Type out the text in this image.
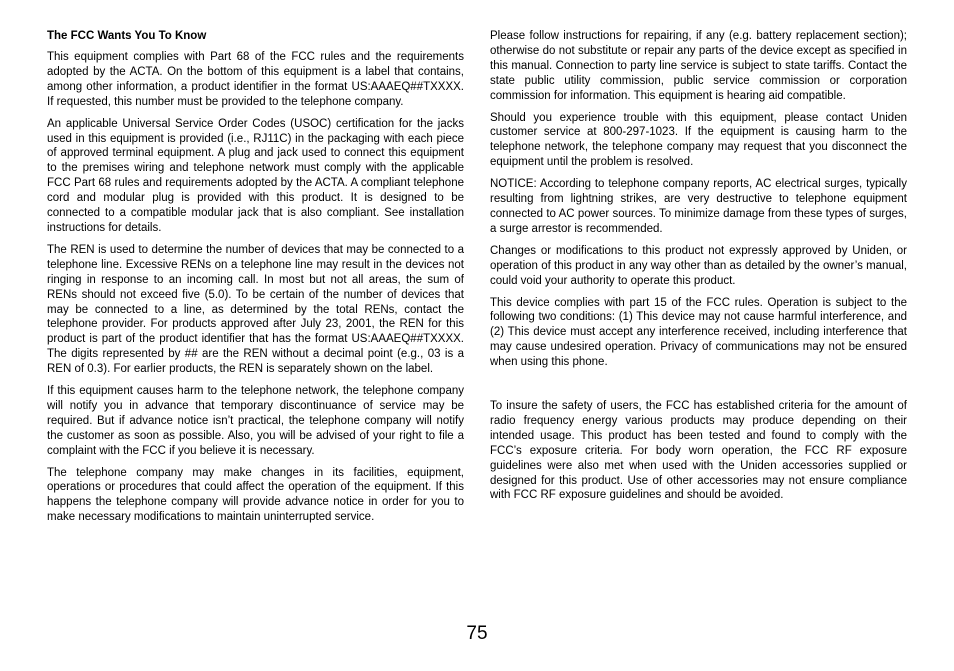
The FCC Wants You To Know

This equipment complies with Part 68 of the FCC rules and the requirements adopted by the ACTA. On the bottom of this equipment is a label that contains, among other information, a product identifier in the format US:AAAEQ##TXXXX. If requested, this number must be provided to the telephone company.

An applicable Universal Service Order Codes (USOC) certification for the jacks used in this equipment is provided (i.e., RJ11C) in the packaging with each piece of approved terminal equipment. A plug and jack used to connect this equipment to the premises wiring and telephone network must comply with the applicable FCC Part 68 rules and requirements adopted by the ACTA. A compliant telephone cord and modular plug is provided with this product. It is designed to be connected to a compatible modular jack that is also compliant. See installation instructions for details.

The REN is used to determine the number of devices that may be connected to a telephone line. Excessive RENs on a telephone line may result in the devices not ringing in response to an incoming call. In most but not all areas, the sum of RENs should not exceed five (5.0). To be certain of the number of devices that may be connected to a line, as determined by the total RENs, contact the telephone provider. For products approved after July 23, 2001, the REN for this product is part of the product identifier that has the format US:AAAEQ##TXXXX. The digits represented by ## are the REN without a decimal point (e.g., 03 is a REN of 0.3). For earlier products, the REN is separately shown on the label.

If this equipment causes harm to the telephone network, the telephone company will notify you in advance that temporary discontinuance of service may be required. But if advance notice isn’t practical, the telephone company will notify the customer as soon as possible. Also, you will be advised of your right to file a complaint with the FCC if you believe it is necessary.

The telephone company may make changes in its facilities, equipment, operations or procedures that could affect the operation of the equipment. If this happens the telephone company will provide advance notice in order for you to make necessary modifications to maintain uninterrupted service.

Please follow instructions for repairing, if any (e.g. battery replacement section); otherwise do not substitute or repair any parts of the device except as specified in this manual. Connection to party line service is subject to state tariffs. Contact the state public utility commission, public service commission or corporation commission for information. This equipment is hearing aid compatible.

Should you experience trouble with this equipment, please contact Uniden customer service at 800-297-1023. If the equipment is causing harm to the telephone network, the telephone company may request that you disconnect the equipment until the problem is resolved.

NOTICE: According to telephone company reports, AC electrical surges, typically resulting from lightning strikes, are very destructive to telephone equipment connected to AC power sources. To minimize damage from these types of surges, a surge arrestor is recommended.

Changes or modifications to this product not expressly approved by Uniden, or operation of this product in any way other than as detailed by the owner’s manual, could void your authority to operate this product.

This device complies with part 15 of the FCC rules. Operation is subject to the following two conditions: (1) This device may not cause harmful interference, and (2) This device must accept any interference received, including interference that may cause undesired operation. Privacy of communications may not be ensured when using this phone.

To insure the safety of users, the FCC has established criteria for the amount of radio frequency energy various products may produce depending on their intended usage. This product has been tested and found to comply with the FCC’s exposure criteria. For body worn operation, the FCC RF exposure guidelines were also met when used with the Uniden accessories supplied or designed for this product. Use of other accessories may not ensure compliance with FCC RF exposure guidelines and should be avoided.

75
